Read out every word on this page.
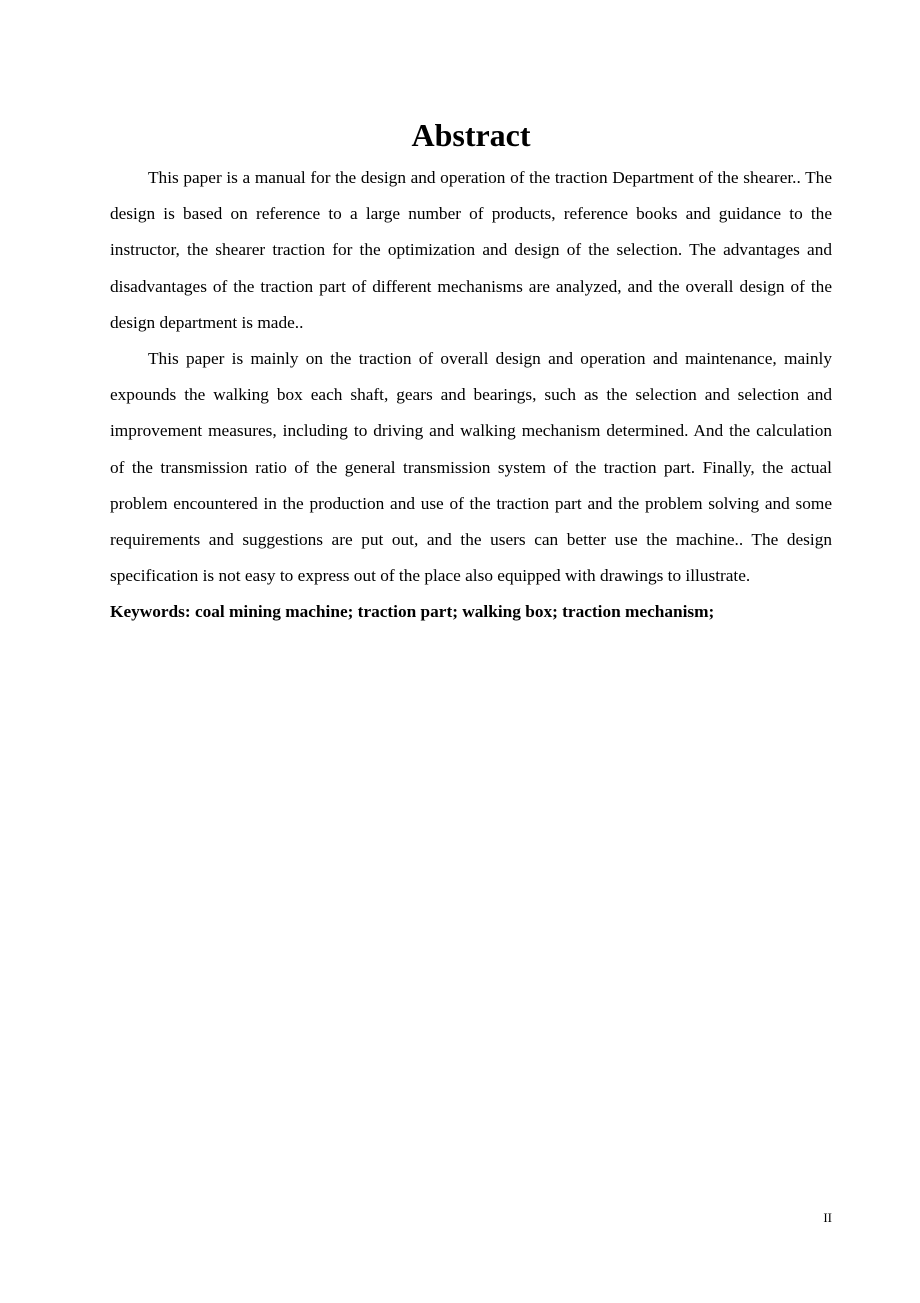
Abstract

This paper is a manual for the design and operation of the traction Department of the shearer.. The design is based on reference to a large number of products, reference books and guidance to the instructor, the shearer traction for the optimization and design of the selection. The advantages and disadvantages of the traction part of different mechanisms are analyzed, and the overall design of the design department is made..

This paper is mainly on the traction of overall design and operation and maintenance, mainly expounds the walking box each shaft, gears and bearings, such as the selection and selection and improvement measures, including to driving and walking mechanism determined. And the calculation of the transmission ratio of the general transmission system of the traction part. Finally, the actual problem encountered in the production and use of the traction part and the problem solving and some requirements and suggestions are put out, and the users can better use the machine.. The design specification is not easy to express out of the place also equipped with drawings to illustrate.

Keywords: coal mining machine; traction part; walking box; traction mechanism;

II
